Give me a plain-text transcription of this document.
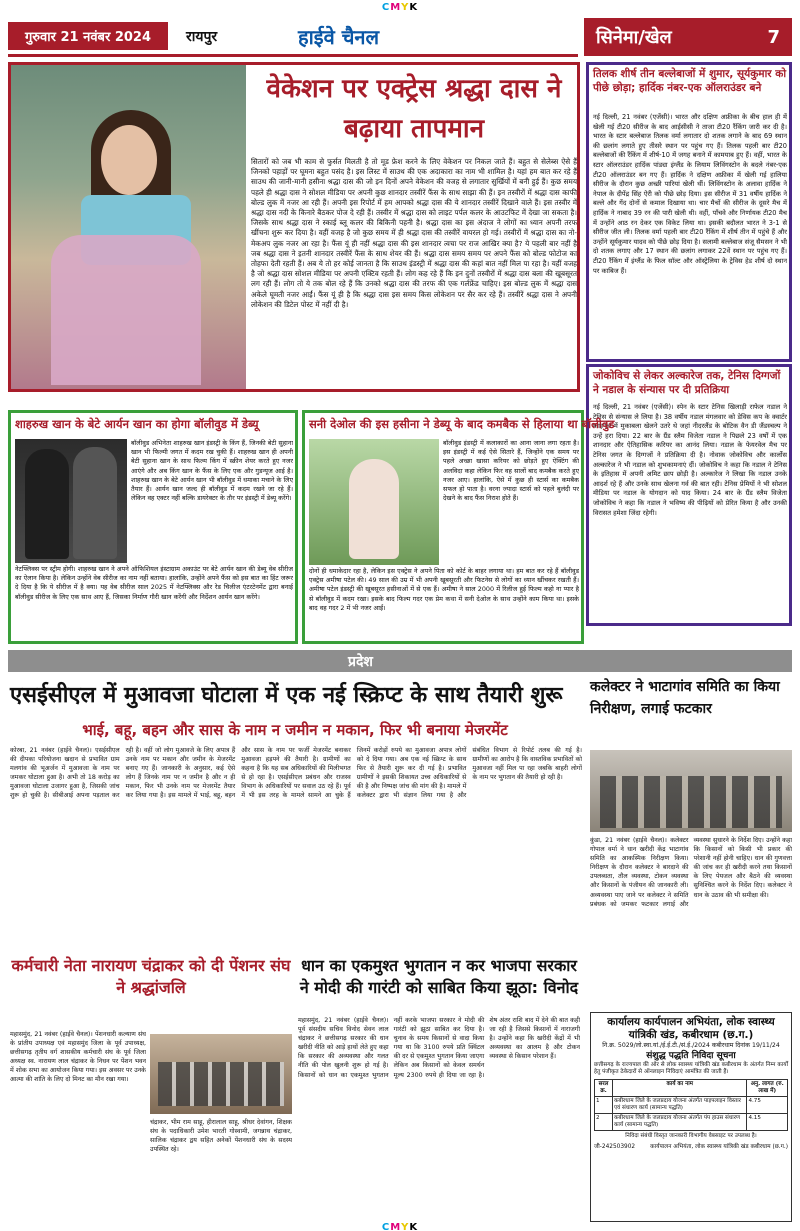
CMYK
गुरुवार 21 नवंबर 2024	रायपुर	हाईवे चैनल	सिनेमा/खेल	7
वेकेशन पर एक्ट्रेस श्रद्धा दास ने बढ़ाया तापमान
सितारों को जब भी काम से फुर्सत मिलती है तो मूड फ्रेश करने के लिए वेकेशन पर निकल जाते हैं। बहुत से सेलेब्स ऐसे हैं जिनको पहाड़ों पर घूमना बहुत पसंद है। इस लिस्ट में साउथ की एक अदाकारा का नाम भी शामिल है। यहां हम बात कर रहे हैं साउथ की जानी-मानी हसीना श्रद्धा दास की जो इन दिनों अपने वेकेशन की वजह से लगातार सुर्खियों में बनी हुई हैं। कुछ समय पहले ही श्रद्धा दास ने सोशल मीडिया पर अपनी कुछ शानदार तस्वीरें फैंस के साथ साझा की हैं। इन तस्वीरों में श्रद्धा दास काफी बोल्ड लुक में नजर आ रही हैं। अपनी इस रिपोर्ट में हम आपको श्रद्धा दास की ये शानदार तस्वीरें दिखाने वाले हैं। इस तस्वीर में श्रद्धा दास नदी के किनारे बैठकर पोज दे रही हैं। तस्वीर में श्रद्धा दास को लाइट पर्पल कलर के आउटफिट में देखा जा सकता है। जिसके साथ श्रद्धा दास ने स्काई ब्लू कलर की बिकिनी पहनी है। श्रद्धा दास का इस अंदाज ने लोगों का ध्यान अपनी तरफ खींचना शुरू कर दिया है। वहीं वजह है जो कुछ समय में ही श्रद्धा दास की तस्वीरें वायरल हो गई। तस्वीरों में श्रद्धा दास का नो-मेकअप लुक नजर आ रहा है। फैंस यूं ही नहीं श्रद्धा दास की इस शानदार त्वचा पर राज आखिर क्या है? ये पहली बार नहीं है जब श्रद्धा दास ने इतनी शानदार तस्वीरें फैंस के साथ शेयर की हैं। श्रद्धा दास समय समय पर अपने फैंस को बोल्ड फोटोज का तोहफा देती रहती हैं। अब ये तो हर कोई जानता है कि साउथ इंडस्ट्री में श्रद्धा दास की कहां बात नहीं मिल पा रहा है। यहीं वजह है जो श्रद्धा दास सोशल मीडिया पर अपनी एक्टिव रहती हैं। लोग कह रहे हैं कि इन दुनों तस्वीरों में श्रद्धा दास बला की खूबसूरत लग रही हैं। लोग तो ये तक बोल रहे हैं कि उनको श्रद्धा दास की तरफ की एक गर्लफ्रेंड चाहिए। इस बोल्ड लुक में श्रद्धा दास अकेले घूमती नजर आईं। फैंस यूं ही है कि श्रद्धा दास इस समय किस लोकेशन पर सैर कर रहे हैं। तस्वीरें श्रद्धा दास ने अपनी लोकेशन की डिटेल पोस्ट में नहीं दी है।
तिलक शीर्ष तीन बल्लेबाजों में शुमार, सूर्यकुमार को पीछे छोड़ा; हार्दिक नंबर-एक ऑलराउंडर बने
नई दिल्ली, 21 नवंबर (एजेंसी)। भारत और दक्षिण अफ्रीका के बीच हाल ही में खेली गई टी20 सीरीज के बाद आईसीसी ने ताजा टी20 रैंकिंग जारी कर दी है। भारत के स्टार बल्लेबाज तिलक वर्मा लगातार दो शतक लगाने के बाद 69 स्थान की छलांग लगाते हुए तीसरे स्थान पर पहुंच गए हैं। तिलक पहली बार टी20 बल्लेबाजों की रैंकिंग में शीर्ष-10 में जगह बनाने में कामयाब हुए हैं। वहीं, भारत के स्टार ऑलराउंडर हार्दिक पांड्या इंग्लैंड के लियाम लिविंगस्टोन के बदले नंबर-एक टी20 ऑलराउंडर बन गए हैं। हार्दिक ने दक्षिण अफ्रीका में खेली गई हालिया सीरीज के दौरान कुछ अच्छी पारियां खेली थीं। लिविंगस्टोन के अलावा हार्दिक ने नेपाल के दीपेंद्र सिंह ऐरी को पीछे छोड़ दिया। इस सीरीज में 31 वर्षीय हार्दिक ने बल्ले और गेंद दोनों से कमाल दिखाया था। चार मैचों की सीरीज के दूसरे मैच में हार्दिक ने नाबाद 39 रन की पारी खेली थी। वहीं, पाँचवे और निर्णायक टी20 मैच में उन्होंने आठ रन देकर एक विकेट लिया था। इसकी बदौलत भारत ने 3-1 से सीरीज जीत ली। तिलक वर्मा पहली बार टी20 रैंकिंग में शीर्ष तीन में पहुंचे हैं और उन्होंने सूर्यकुमार यादव को पीछे छोड़ दिया है। सलामी बल्लेबाज संजू सैमसन ने भी दो शतक लगाए और 17 स्थान की छलांग लगाकर 22वें स्थान पर पहुंच गए हैं। टी20 रैंकिंग में इंग्लैंड के फिल सॉल्ट और ऑस्ट्रेलिया के ट्रेविस हेड शीर्ष दो स्थान पर काबिज हैं।
जोकोविच से लेकर अल्कारेज तक, टेनिस दिग्गजों ने नडाल के संन्यास पर दी प्रतिक्रिया
नई दिल्ली, 21 नवंबर (एजेंसी)। स्पेन के स्टार टेनिस खिलाड़ी राफेल नडाल ने टेनिस से संन्यास ले लिया है। 38 वर्षीय नडाल मंगलवार को डेविस कप के क्वार्टर फाइनल में मुकाबला खेलने उतरे थे जहां नीदरलैंड के बोटिक वैन डी जैंडस्चल्प ने उन्हें हरा दिया। 22 बार के ग्रैंड स्लैम विजेता नडाल ने पिछले 23 वर्षों में एक शानदार और ऐतिहासिक करियर का आनंद लिया। नडाल के फेयरवेल मैच पर टेनिस जगत के दिग्गजों ने प्रतिक्रिया दी है। नोवाक जोकोविच और कार्लोस अल्कारेज ने भी नडाल को शुभकामनाएं दीं। जोकोविच ने कहा कि नडाल ने टेनिस के इतिहास में अपनी अमिट छाप छोड़ी है। अल्कारेज ने लिखा कि नडाल उनके आदर्श रहे हैं और उनके साथ खेलना गर्व की बात रही। टेनिस प्रेमियों ने भी सोशल मीडिया पर नडाल के योगदान को याद किया। 24 बार के ग्रैंड स्लैम विजेता जोकोविच ने कहा कि नडाल ने भविष्य की पीढ़ियों को प्रेरित किया है और उनकी विरासत हमेशा जिंदा रहेगी।
शाहरुख खान के बेटे आर्यन खान का होगा बॉलीवुड में डेब्यू
बॉलीवुड अभिनेता शाहरुख खान इंडस्ट्री के किंग हैं, जिनकी बेटी सुहाना खान भी फिल्मी जगत में कदम रख चुकी हैं। शाहरुख खान ही अपनी बेटी सुहाना खान के साथ फिल्म किंग में स्क्रीन शेयर करते हुए नजर आएंगे और अब किंग खान के फैंस के लिए एक और गुडन्यूज आई है। शाहरुख खान के बेटे आर्यन खान भी बॉलीवुड में धमाका मचाने के लिए तैयार हैं। आर्यन खान जल्द ही बॉलीवुड में कदम रखने जा रहे हैं। लेकिन वह एक्टर नहीं बल्कि डायरेक्टर के तौर पर इंडस्ट्री में डेब्यू करेंगे।
नेटफ्लिक्स पर स्ट्रीम होगी। शाहरुख खान ने अपने ऑफिशियल इंस्टाग्राम अकाउंट पर बेटे आर्यन खान की डेब्यू वेब सीरीज का ऐलान किया है। लेकिन उन्होंने वेब सीरीज का नाम नहीं बताया। हालांकि, उन्होंने अपने फैंस को इस बात का हिंट जरूर दे दिया है कि ये सीरीज में है क्या। यह वेब सीरीज साल 2025 में नेटफ्लिक्स और रेड चिलीज एंटरटेनमेंट द्वारा बनाई बॉलीवुड सीरीज के लिए एक साथ आए हैं, जिसका निर्माण गौरी खान करेंगी और निर्देशन आर्यन खान करेंगे।
सनी देओल की इस हसीना ने डेब्यू के बाद कमबैक से हिलाया था बॉलीवुड
बॉलीवुड इंडस्ट्री में कलाकारों का आना जाना लगा रहता है। इस इंडस्ट्री में कई ऐसे सितारे हैं, जिन्होंने एक समय पर पहले अच्छा खासा करियर को छोड़ते हुए ऐक्टिंग की अलविदा कहा लेकिन फिर वह सालों बाद कमबैक करते हुए नजर आए। हालांकि, ऐसे में कुछ ही स्टार्स का कमबैक सफल हो पाता है। वरना ज्यादा स्टार्स को पहले बुलंदी पर देखने के बाद फैंस निराश होते हैं।
दोनों ही धमाकेदार रहा है, लेकिन इस एक्ट्रेस ने अपने पिता को कोर्ट के बाहर लगाया था। हम बात कर रहे हैं बॉलीवुड एक्ट्रेस अमीषा पटेल की। 49 साल की उम्र में भी अपनी खूबसूरती और फिटनेस से लोगों का ध्यान खींचकर रखती हैं। अमीषा पटेल इंडस्ट्री की खूबसूरत हसीनाओं में से एक हैं। अमीषा ने साल 2000 में रिलीज हुई फिल्म कहो ना प्यार है से बॉलीवुड में कदम रखा। इसके बाद फिल्म गदर एक प्रेम कथा में सनी देओल के साथ उन्होंने काम किया था। इसके बाद वह गदर 2 में भी नजर आईं।
प्रदेश
एसईसीएल में मुआवजा घोटाला में एक नई स्क्रिप्ट के साथ तैयारी शुरू
भाई, बहू, बहन और सास के नाम न जमीन न मकान, फिर भी बनाया मेजरमेंट
कोरबा, 21 नवंबर (हाईवे चैनल)। एसईसीएल की दीपका परियोजना खदान से प्रभावित ग्राम मलगांव की भूअर्जन में मुआवजा के नाम पर जमकर घोटाला हुआ है। अभी तो 18 करोड़ का मुआवजा घोटाला उजागर हुआ है, जिसकी जांच शुरू हो चुकी है। सीबीआई अपना पड़ताल कर रही है। वहीं जो लोग मुआवजे के लिए अपात्र हैं उनके नाम पर मकान और जमीन के मेजरमेंट बनाए गए हैं। जानकारी के अनुसार, कई ऐसे लोग हैं जिनके नाम पर न जमीन है और न ही मकान, फिर भी उनके नाम पर मेजरमेंट तैयार कर लिया गया है। इस मामले में भाई, बहू, बहन और सास के नाम पर फर्जी मेजरमेंट बनाकर मुआवजा हड़पने की तैयारी है। ग्रामीणों का कहना है कि यह सब अधिकारियों की मिलीभगत से हो रहा है। एसईसीएल प्रबंधन और राजस्व विभाग के अधिकारियों पर सवाल उठ रहे हैं। पूर्व में भी इस तरह के मामले सामने आ चुके हैं जिनमें करोड़ों रुपये का मुआवजा अपात्र लोगों को दे दिया गया। अब एक नई स्क्रिप्ट के साथ फिर से तैयारी शुरू कर दी गई है। प्रभावित ग्रामीणों ने इसकी शिकायत उच्च अधिकारियों से की है और निष्पक्ष जांच की मांग की है। मामले में कलेक्टर द्वारा भी संज्ञान लिया गया है और संबंधित विभाग से रिपोर्ट तलब की गई है। ग्रामीणों का आरोप है कि वास्तविक प्रभावितों को मुआवजा नहीं मिल पा रहा जबकि बाहरी लोगों के नाम पर भुगतान की तैयारी हो रही है।
कर्मचारी नेता नारायण चंद्राकर को दी पेंशनर संघ ने श्रद्धांजलि
महासमुंद, 21 नवंबर (हाईवे चैनल)। पेंशनधारी कल्याण संघ के प्रांतीय उपाध्यक्ष एवं महासमुंद जिला के पूर्व उपाध्यक्ष, छत्तीसगढ़ तृतीय वर्ग शासकीय कर्मचारी संघ के पूर्व जिला अध्यक्ष स्व. नारायण लाल चंद्राकर के निधन पर पेंशन भवन में शोक सभा का आयोजन किया गया। इस अवसर पर उनके आत्मा की शांति के लिए दो मिनट का मौन रखा गया।
चंद्राकर, भीम राम साहू, हीरालाल साहू, श्रीधर देवांगन, शिक्षक संघ के पदाधिकारी उमेश भारती गोस्वामी, जगन्नाथ चंद्राकर, सालिक चंद्राकर द्वय सहित अनेकों पेंशनधारी संघ के सदस्य उपस्थित रहे।
धान का एकमुश्त भुगतान न कर भाजपा सरकार ने मोदी की गारंटी को साबित किया झूठा: विनोद
महासमुंद, 21 नवंबर (हाईवे चैनल)। पूर्व संसदीय सचिव विनोद सेवन लाल चंद्राकर ने छत्तीसगढ़ सरकार की धान खरीदी नीति को आड़े हाथों लेते हुए कहा कि सरकार की अव्यवस्था और गलत नीति की पोल खुलनी शुरू हो गई है। किसानों को धान का एकमुश्त भुगतान नहीं करके भाजपा सरकार ने मोदी की गारंटी को झूठा साबित कर दिया है। चुनाव के समय किसानों से वादा किया गया था कि 3100 रुपये प्रति क्विंटल की दर से एकमुश्त भुगतान किया जाएगा लेकिन अब किसानों को केवल समर्थन मूल्य 2300 रुपये ही दिया जा रहा है। शेष अंतर राशि बाद में देने की बात कही जा रही है जिससे किसानों में नाराजगी है। उन्होंने कहा कि खरीदी केंद्रों में भी अव्यवस्था का आलम है और टोकन व्यवस्था से किसान परेशान हैं।
कलेक्टर ने भाटागांव समिति का किया निरीक्षण, लगाई फटकार
कुंडा, 21 नवंबर (हाईवे चैनल)। कलेक्टर गोपाल वर्मा ने धान खरीदी केंद्र भाटागांव समिति का आकस्मिक निरीक्षण किया। निरीक्षण के दौरान कलेक्टर ने बारदाने की उपलब्धता, तौल व्यवस्था, टोकन व्यवस्था और किसानों के पंजीयन की जानकारी ली। अव्यवस्था पाए जाने पर कलेक्टर ने समिति प्रबंधक को जमकर फटकार लगाई और व्यवस्था सुधारने के निर्देश दिए। उन्होंने कहा कि किसानों को किसी भी प्रकार की परेशानी नहीं होनी चाहिए। धान की गुणवत्ता की जांच कर ही खरीदी करने तथा किसानों के लिए पेयजल और बैठने की व्यवस्था सुनिश्चित करने के निर्देश दिए। कलेक्टर ने धान के उठाव की भी समीक्षा की।
कार्यालय कार्यपालन अभियंता, लोक स्वास्थ्य यांत्रिकी खंड, कबीरधाम (छ.ग.)
नि.क्र. 5029/लो.स्वा.यां./ई.ई.टी./सं.ई./2024 कबीरधाम दिनांक 19/11/24
संशुद्ध पद्धति निविदा सूचना
छत्तीसगढ़ के राज्यपाल की ओर से लोक स्वास्थ्य यांत्रिकी खंड कबीरधाम के अंतर्गत निम्न कार्यों हेतु पंजीकृत ठेकेदारों से ऑनलाइन निविदाएं आमंत्रित की जाती हैं।
सरल क्र.	कार्य का नाम	अनु. लागत (रु. लाख में)
1	कबीरधाम जिले के जलप्रदाय योजना अंतर्गत पाइपलाइन विस्तार एवं संधारण कार्य (सामान्य पद्धति)	4.75
2	कबीरधाम जिले के जलप्रदाय योजना अंतर्गत पंप हाउस संधारण कार्य (सामान्य पद्धति)	4.15
निविदा संबंधी विस्तृत जानकारी विभागीय वेबसाइट पर उपलब्ध है।
जी-242503902	कार्यपालन अभियंता, लोक स्वास्थ्य यांत्रिकी खंड कबीरधाम (छ.ग.)
CMYK
